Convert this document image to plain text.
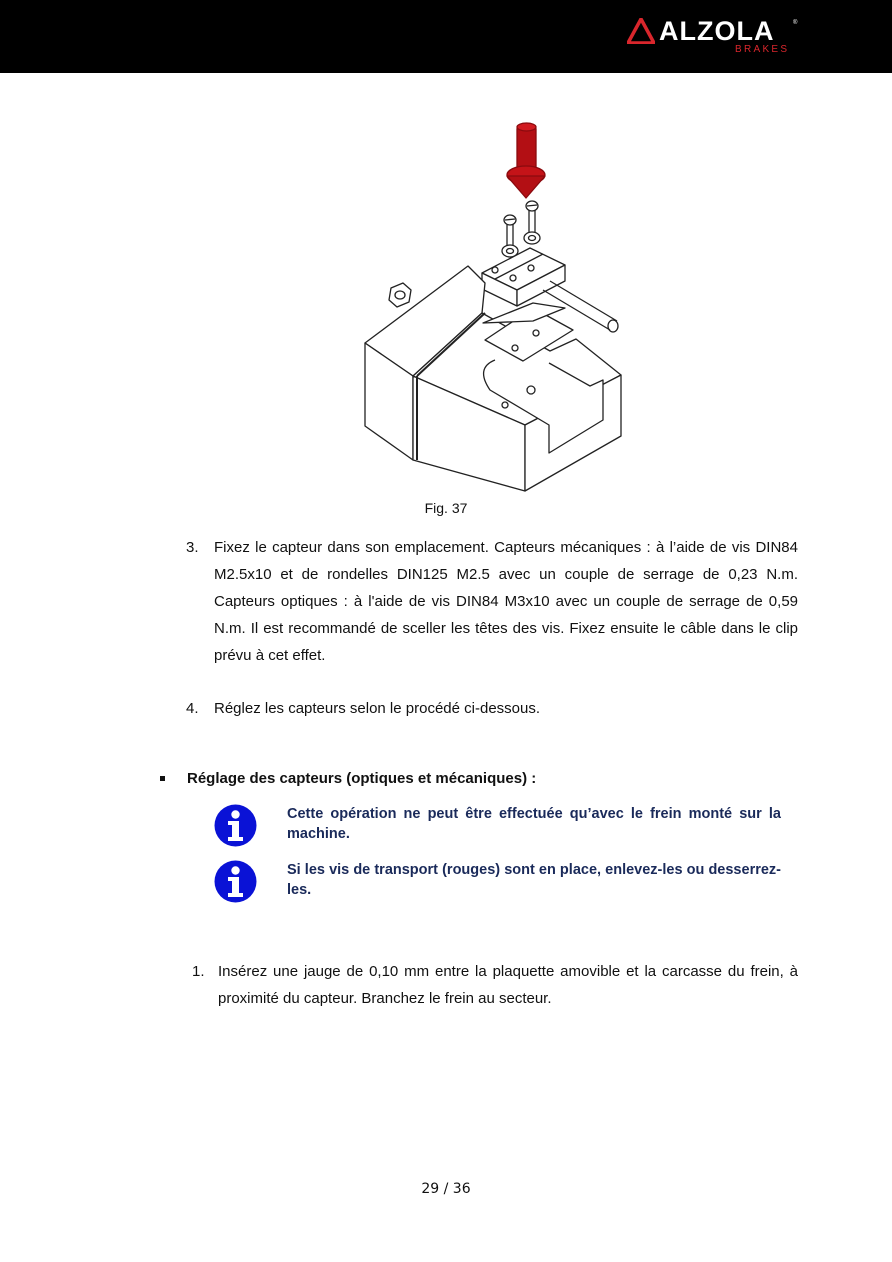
ALZOLA	®
BRAKES
Fig. 37
3. Fixez le capteur dans son emplacement. Capteurs mécaniques : à l’aide de vis DIN84 M2.5x10 et de rondelles DIN125 M2.5 avec un couple de serrage de 0,23 N.m. Capteurs optiques : à l'aide de vis DIN84 M3x10 avec un couple de serrage de 0,59 N.m. Il est recommandé de sceller les têtes des vis. Fixez ensuite le câble dans le clip prévu à cet effet.
4. Réglez les capteurs selon le procédé ci-dessous.
Réglage des capteurs (optiques et mécaniques) :
Cette opération ne peut être effectuée qu’avec le frein monté sur la machine.
Si les vis de transport (rouges) sont en place, enlevez-les ou desserrez-les.
1. Insérez une jauge de 0,10 mm entre la plaquette amovible et la carcasse du frein, à proximité du capteur. Branchez le frein au secteur.
29 / 36
